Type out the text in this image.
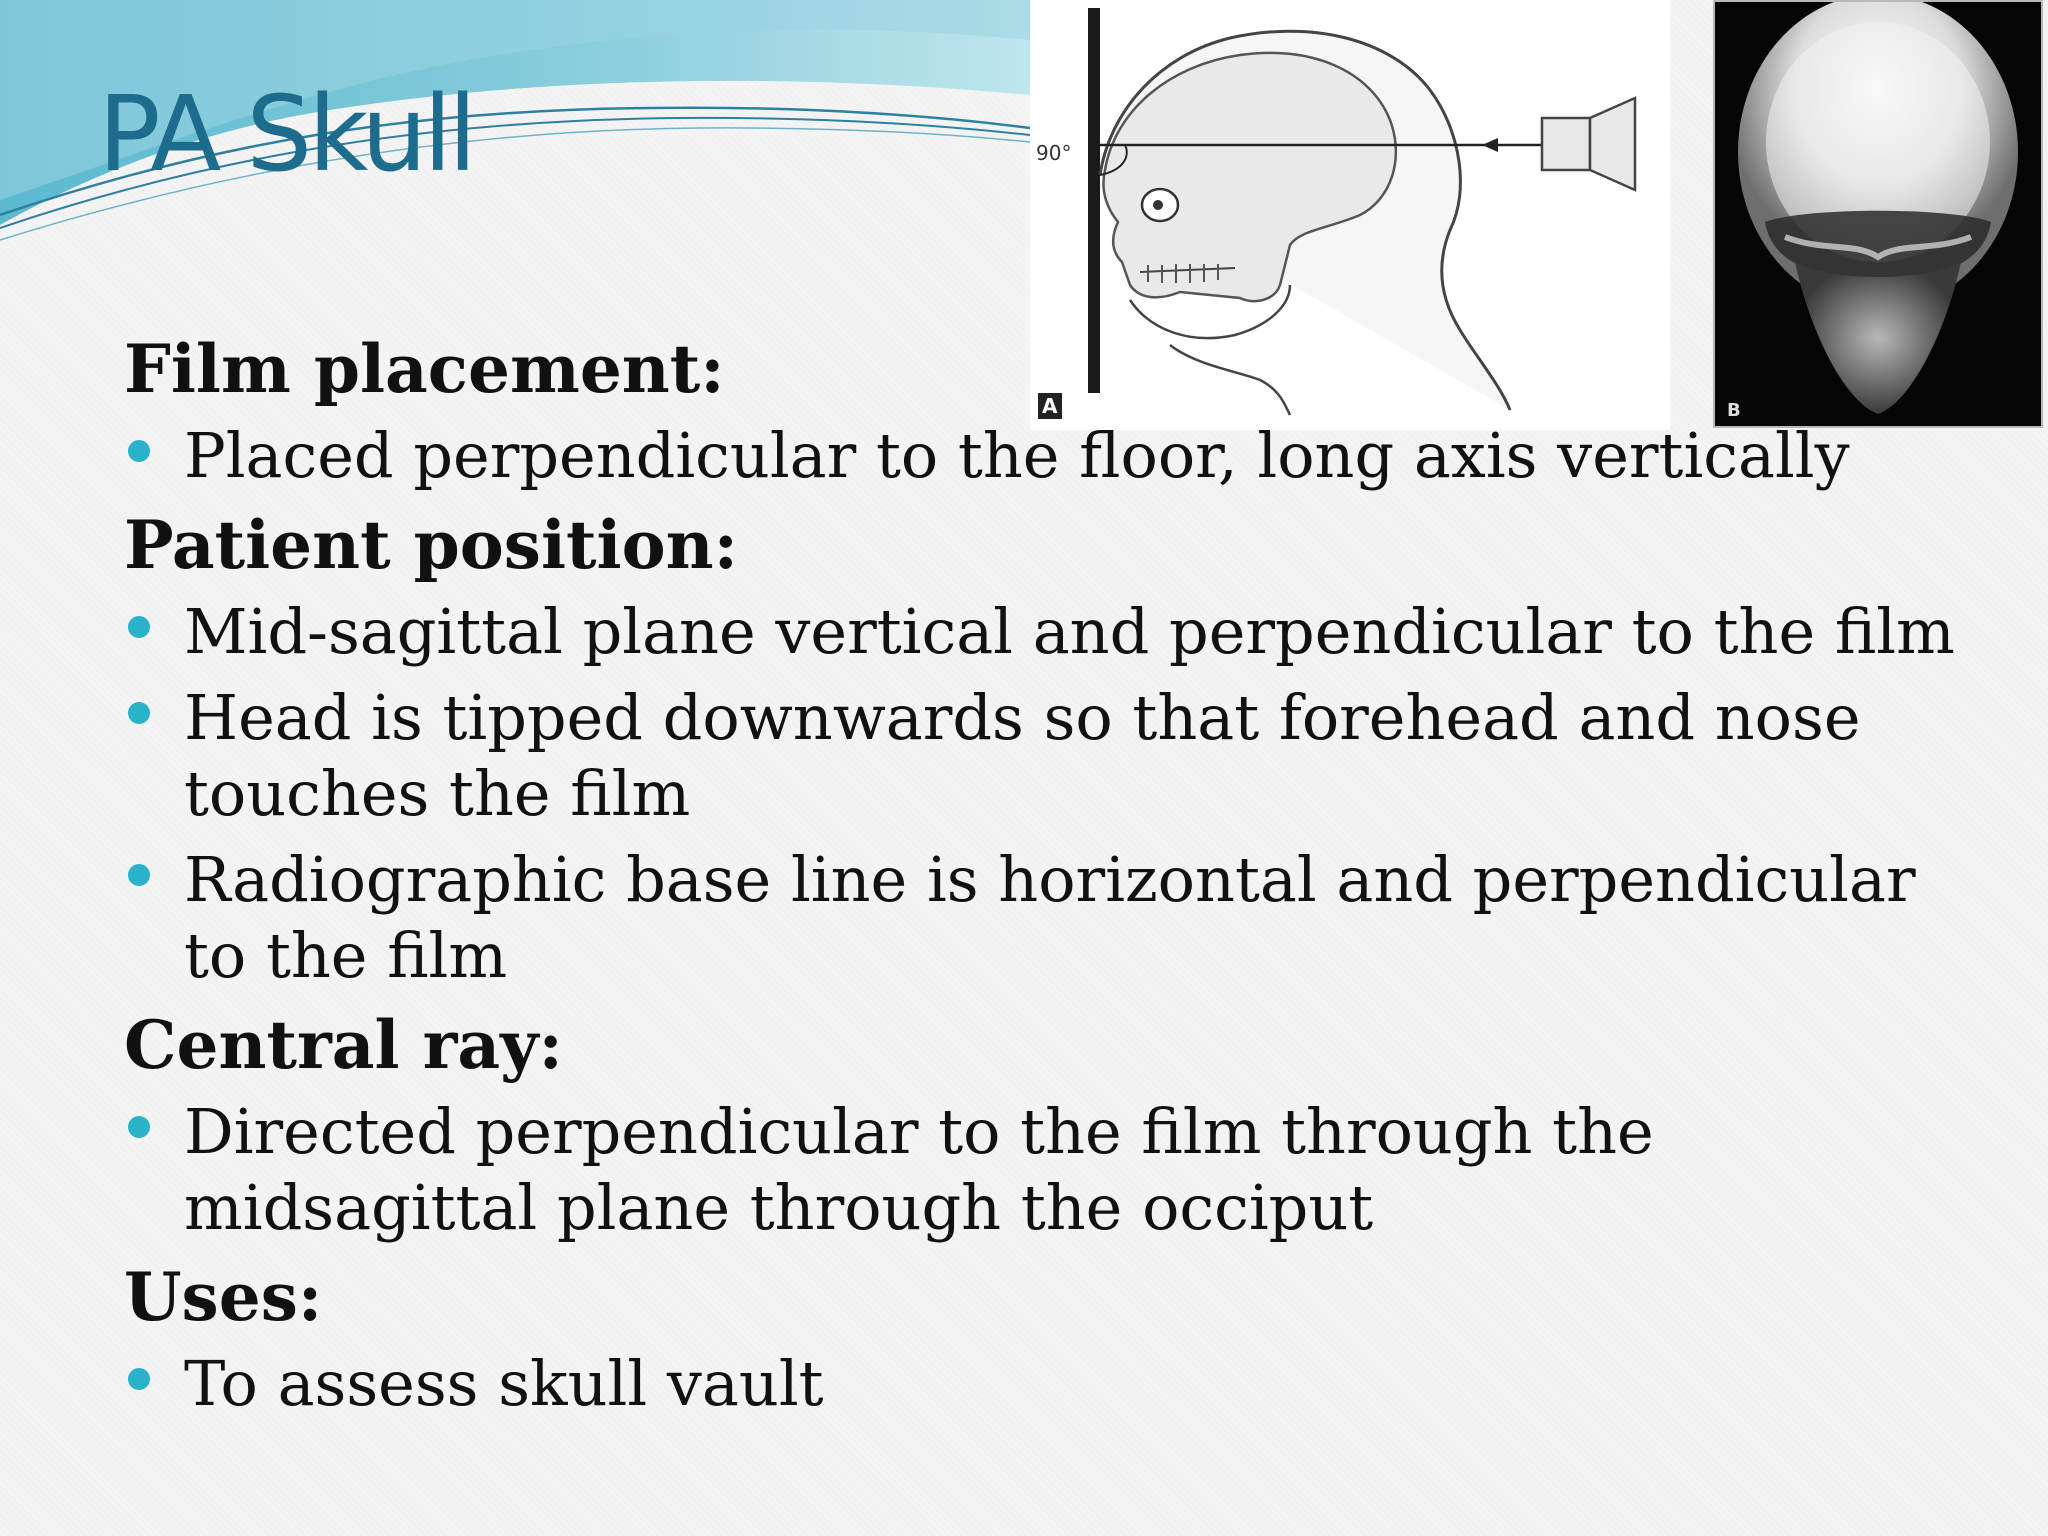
PA Skull	90°
A	B

Film placement:

Placed perpendicular to the floor, long axis vertically

Patient position:

Mid-sagittal plane vertical and perpendicular to the film
Head is tipped downwards so that forehead and nose touches the film
Radiographic base line is horizontal and perpendicular to the film

Central ray:

Directed perpendicular to the film through the midsagittal plane through the occiput

Uses:

To assess skull vault
